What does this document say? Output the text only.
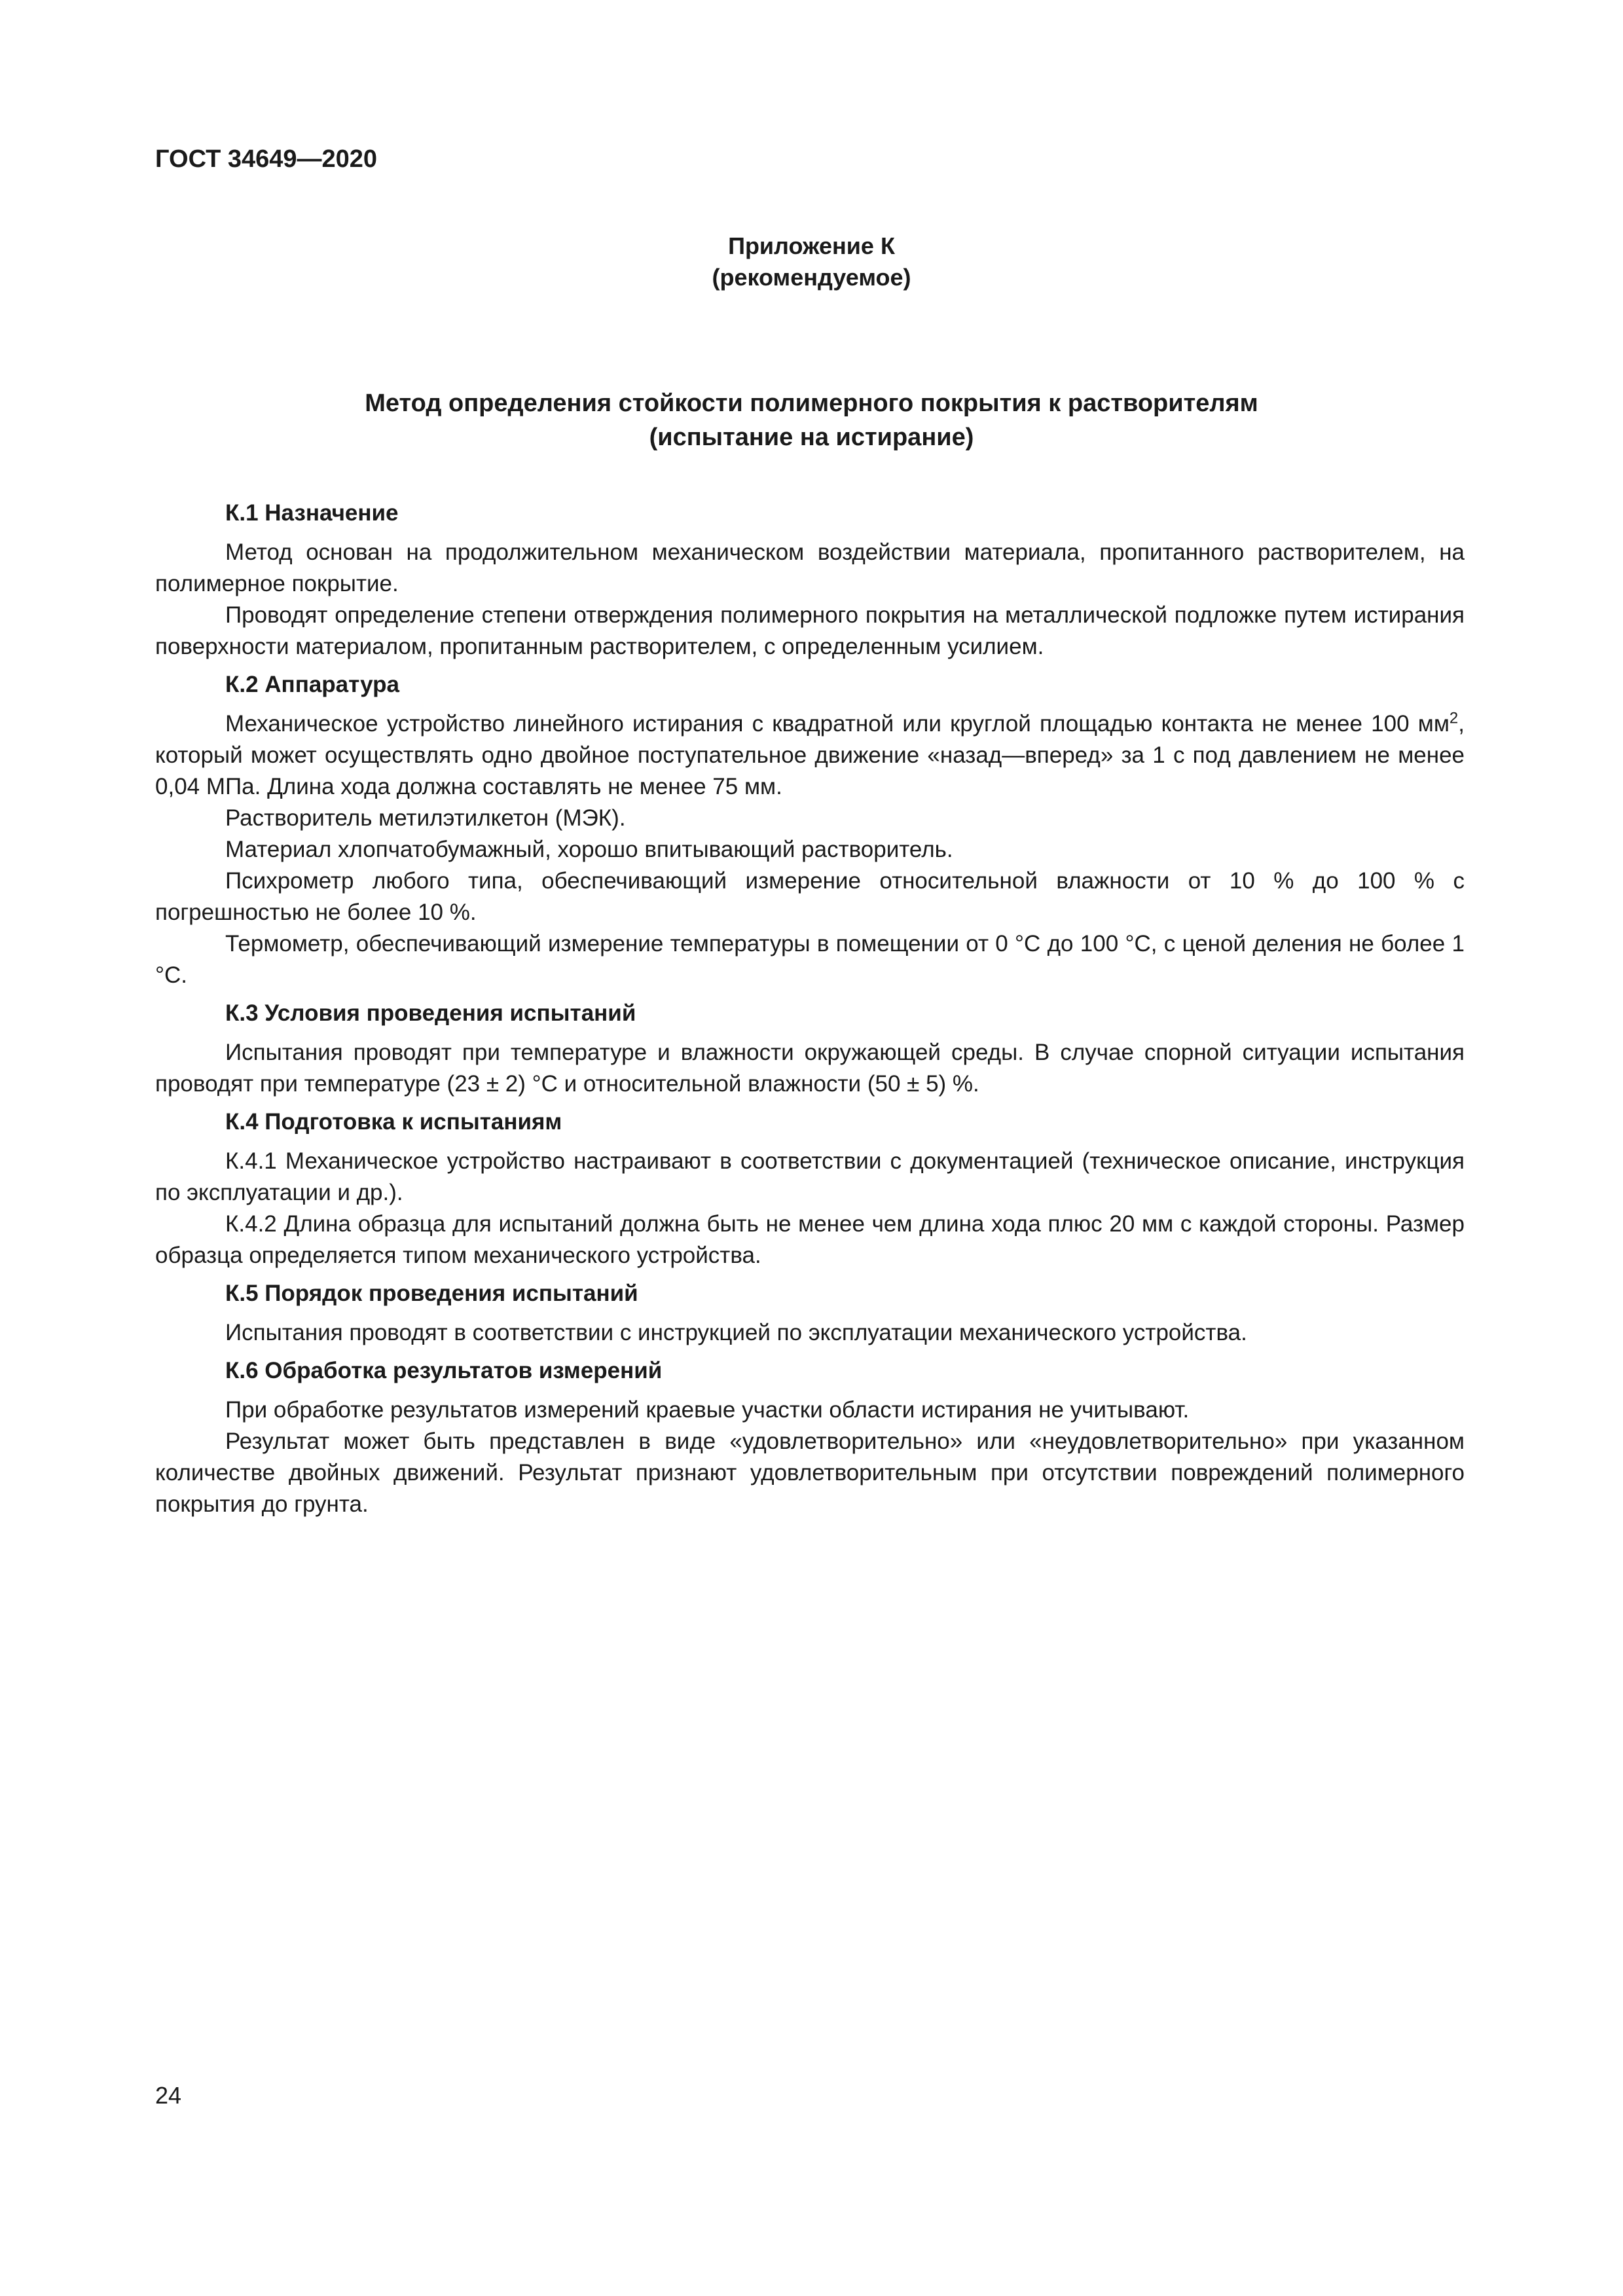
ГОСТ 34649—2020
Приложение К
(рекомендуемое)
Метод определения стойкости полимерного покрытия к растворителям
(испытание на истирание)
К.1 Назначение

Метод основан на продолжительном механическом воздействии материала, пропитанного растворителем, на полимерное покрытие.

Проводят определение степени отверждения полимерного покрытия на металлической подложке путем истирания поверхности материалом, пропитанным растворителем, с определенным усилием.

К.2 Аппаратура

Механическое устройство линейного истирания с квадратной или круглой площадью контакта не менее 100 $мм^2$, который может осуществлять одно двойное поступательное движение «назад—вперед» за 1 с под давлением не менее 0,04 МПа. Длина хода должна составлять не менее 75 мм.

Растворитель метилэтилкетон (МЭК).

Материал хлопчатобумажный, хорошо впитывающий растворитель.

Психрометр любого типа, обеспечивающий измерение относительной влажности от 10 % до 100 % с погрешностью не более 10 %.

Термометр, обеспечивающий измерение температуры в помещении от 0 °С до 100 °С, с ценой деления не более 1 °С.

К.3 Условия проведения испытаний

Испытания проводят при температуре и влажности окружающей среды. В случае спорной ситуации испытания проводят при температуре (23 ± 2) °С и относительной влажности (50 ± 5) %.

К.4 Подготовка к испытаниям

К.4.1 Механическое устройство настраивают в соответствии с документацией (техническое описание, инструкция по эксплуатации и др.).

К.4.2 Длина образца для испытаний должна быть не менее чем длина хода плюс 20 мм с каждой стороны. Размер образца определяется типом механического устройства.

К.5 Порядок проведения испытаний

Испытания проводят в соответствии с инструкцией по эксплуатации механического устройства.

К.6 Обработка результатов измерений

При обработке результатов измерений краевые участки области истирания не учитывают.

Результат может быть представлен в виде «удовлетворительно» или «неудовлетворительно» при указанном количестве двойных движений. Результат признают удовлетворительным при отсутствии повреждений полимерного покрытия до грунта.

24
